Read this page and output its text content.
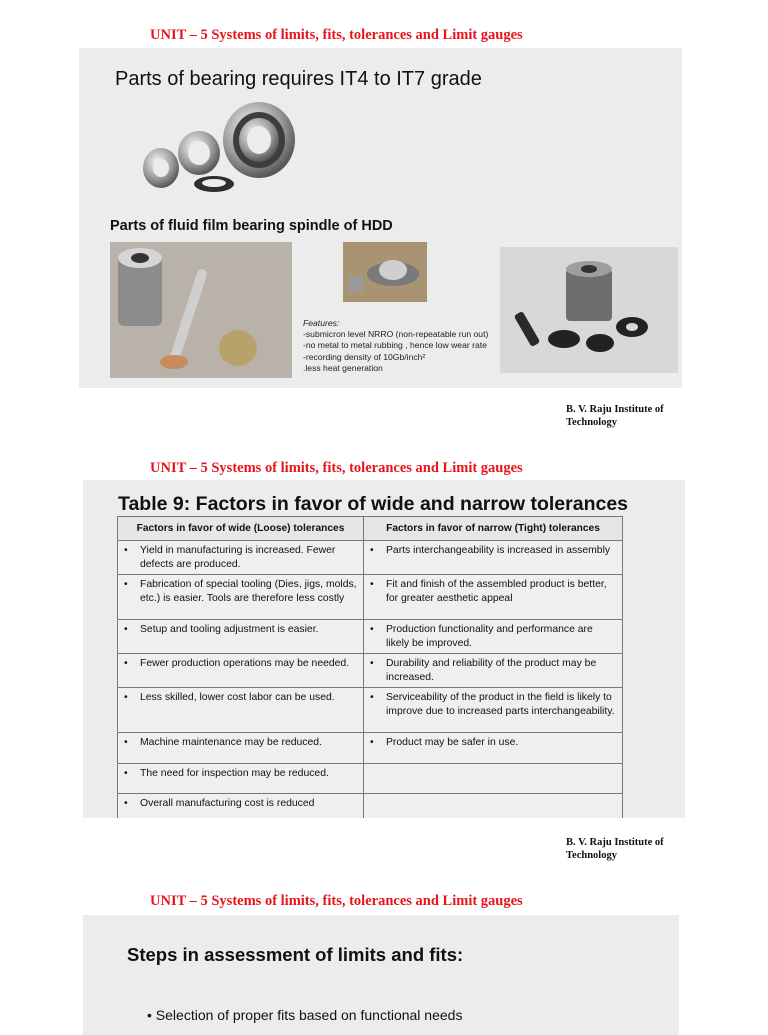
UNIT – 5 Systems of limits, fits, tolerances and Limit gauges
Parts of bearing requires IT4 to IT7 grade
Parts of fluid film bearing spindle of HDD
Features:
-submicron level NRRO (non-repeatable run out)
-no metal to metal rubbing , hence low wear rate
-recording density of 10Gb/inch²
.less heat generation
B. V. Raju Institute of Technology
UNIT – 5 Systems of limits, fits, tolerances and Limit gauges
Table 9: Factors in favor of wide and narrow tolerances
Factors in favor of wide (Loose) tolerances	Factors in favor of narrow (Tight) tolerances

• Yield in manufacturing is increased. Fewer defects are produced.	• Parts interchangeability is increased in assembly

• Fabrication of special tooling (Dies, jigs, molds, etc.) is easier. Tools are therefore less costly	• Fit and finish of the assembled product is better, for greater aesthetic appeal

• Setup and tooling adjustment is easier.	• Production functionality and performance are likely be improved.

• Fewer production operations may be needed.	• Durability and reliability of the product may be increased.

• Less skilled, lower cost labor can be used.	• Serviceability of the product in the field is likely to improve due to increased parts interchangeability.

• Machine maintenance may be reduced.	• Product may be safer in use.

• The need for inspection may be reduced.	

• Overall manufacturing cost is reduced	

B. V. Raju Institute of Technology
UNIT – 5 Systems of limits, fits, tolerances and Limit gauges
Steps in assessment of limits and fits:
• Selection of proper fits based on functional needs
